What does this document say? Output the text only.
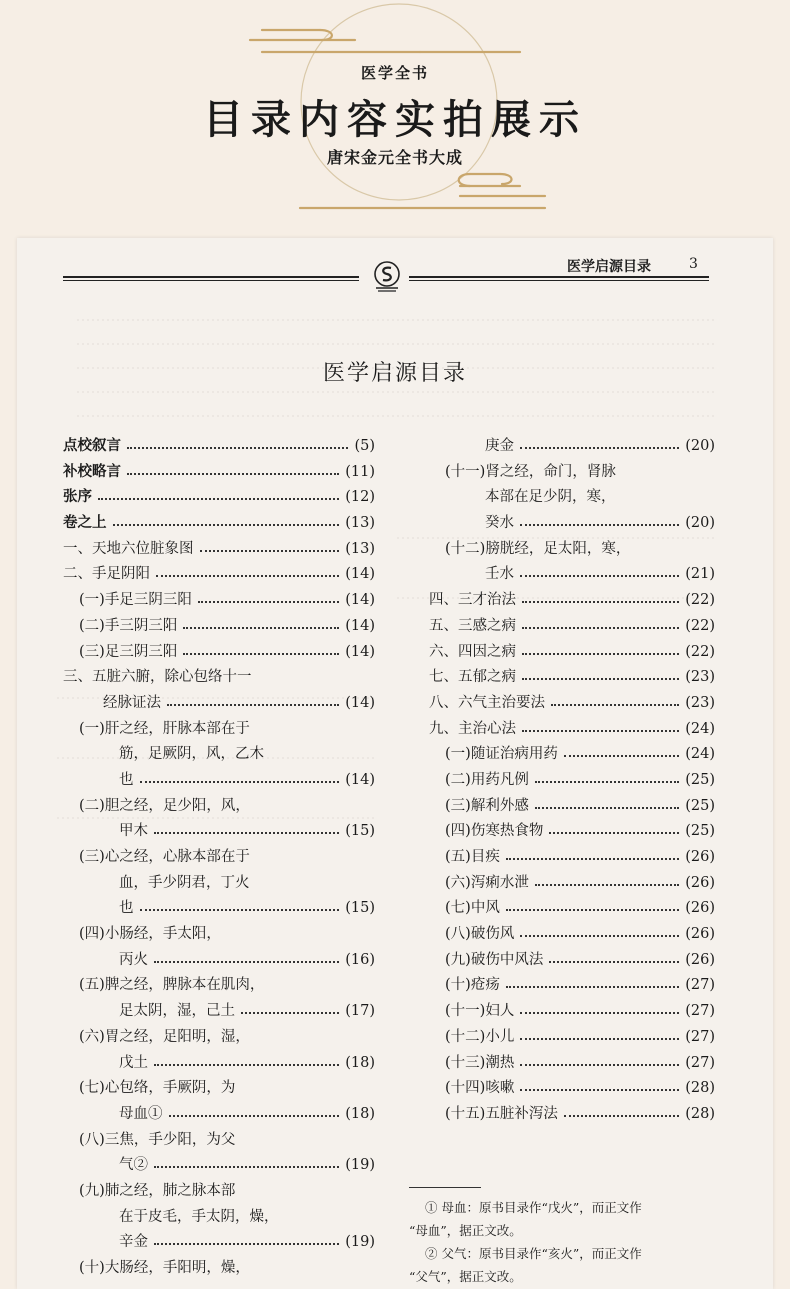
医学全书
目录内容实拍展示
唐宋金元全书大成
医学启源目录	3
医学启源目录
点校叙言	(5)
补校略言	(11)
张序	(12)
卷之上	(13)
一、天地六位脏象图	(13)
二、手足阴阳	(14)
(一)手足三阴三阳	(14)
(二)手三阴三阳	(14)
(三)足三阴三阳	(14)
三、五脏六腑，除心包络十一
经脉证法	(14)
(一)肝之经，肝脉本部在于
筋，足厥阴，风，乙木
也	(14)
(二)胆之经，足少阳，风，
甲木	(15)
(三)心之经，心脉本部在于
血，手少阴君，丁火
也	(15)
(四)小肠经，手太阳，
丙火	(16)
(五)脾之经，脾脉本在肌肉，
足太阴，湿，己土	(17)
(六)胃之经，足阳明，湿，
戊土	(18)
(七)心包络，手厥阴，为
母血①	(18)
(八)三焦，手少阳，为父
气②	(19)
(九)肺之经，肺之脉本部
在于皮毛，手太阴，燥，
辛金	(19)
(十)大肠经，手阳明，燥，
庚金	(20)
(十一)肾之经，命门，肾脉
本部在足少阴，寒，
癸水	(20)
(十二)膀胱经，足太阳，寒，
壬水	(21)
四、三才治法	(22)
五、三感之病	(22)
六、四因之病	(22)
七、五郁之病	(23)
八、六气主治要法	(23)
九、主治心法	(24)
(一)随证治病用药	(24)
(二)用药凡例	(25)
(三)解利外感	(25)
(四)伤寒热食物	(25)
(五)目疾	(26)
(六)泻痢水泄	(26)
(七)中风	(26)
(八)破伤风	(26)
(九)破伤中风法	(26)
(十)疮疡	(27)
(十一)妇人	(27)
(十二)小儿	(27)
(十三)潮热	(27)
(十四)咳嗽	(28)
(十五)五脏补泻法	(28)
① 母血：原书目录作“戊火”，而正文作
“母血”，据正文改。
② 父气：原书目录作“亥火”，而正文作
“父气”，据正文改。
